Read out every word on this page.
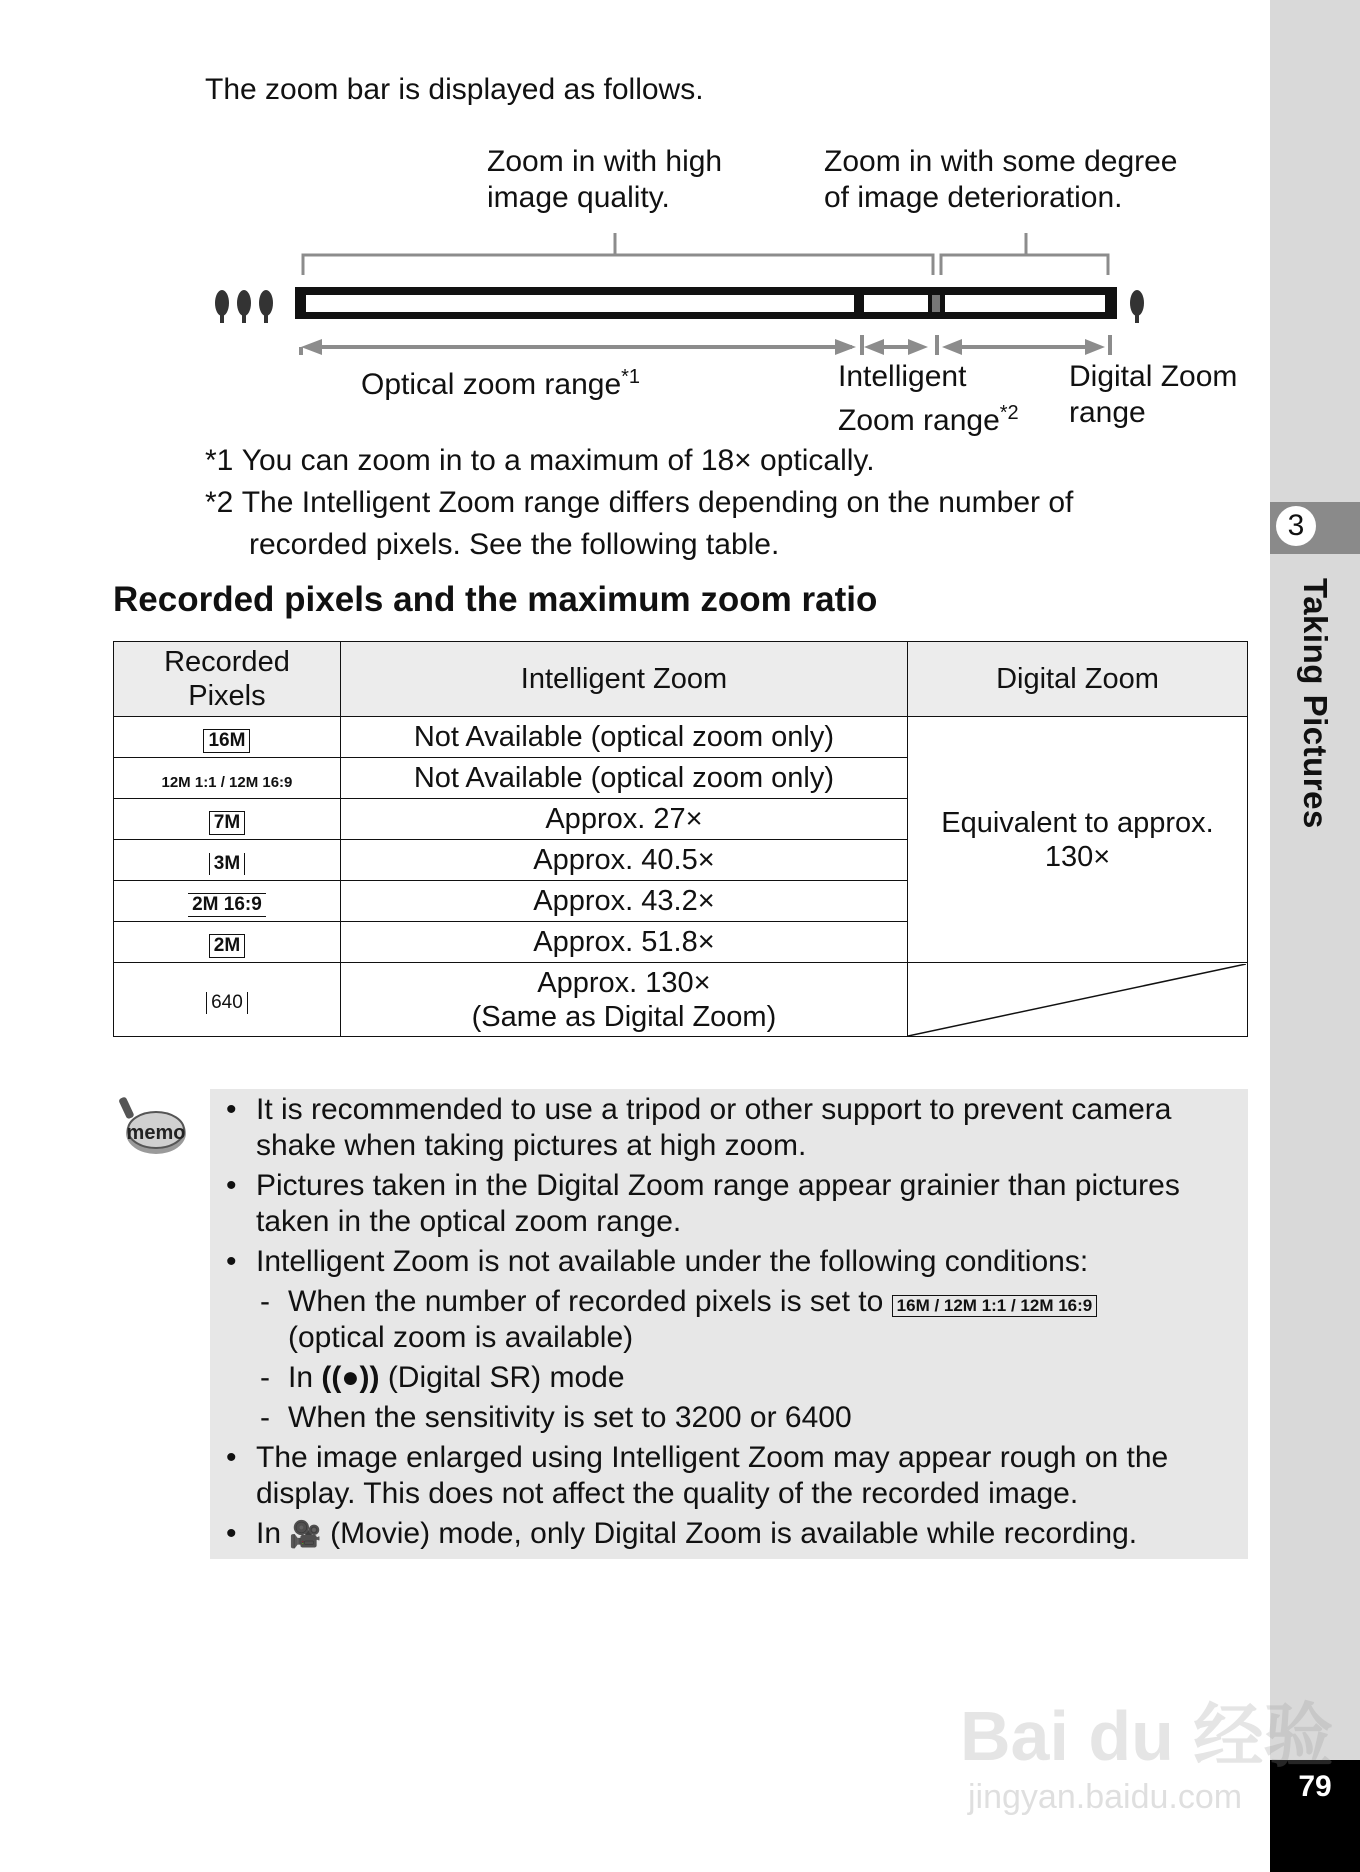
3
Taking Pictures
79
The zoom bar is displayed as follows.
Zoom in with high
image quality.
Zoom in with some degree
of image deterioration.
Optical zoom range$^{*1}$	Intelligent
Zoom range$^{*2}$
Digital Zoom
range
*1 You can zoom in to a maximum of 18× optically.
*2 The Intelligent Zoom range differs depending on the number of
recorded pixels. See the following table.
Recorded pixels and the maximum zoom ratio
Recorded Pixels	Intelligent Zoom	Digital Zoom
16M	Not Available (optical zoom only)	Equivalent to approx.
130×

12M 1:1 / 12M 16:9	Not Available (optical zoom only)	
7M	Approx. 27×	
3M	Approx. 40.5×	
2M 16:9	Approx. 43.2×	
2M	Approx. 51.8×	
640	Approx. 130×
(Same as Digital Zoom)

memo
• It is recommended to use a tripod or other support to prevent camera shake when taking pictures at high zoom.
• Pictures taken in the Digital Zoom range appear grainier than pictures taken in the optical zoom range.
• Intelligent Zoom is not available under the following conditions:
- When the number of recorded pixels is set to 16M / 12M 1:1 / 12M 16:9
(optical zoom is available)
- In ((●)) (Digital SR) mode
- When the sensitivity is set to 3200 or 6400
• The image enlarged using Intelligent Zoom may appear rough on the display. This does not affect the quality of the recorded image.
• In 🎥 (Movie) mode, only Digital Zoom is available while recording.
Bai du 经验
jingyan.baidu.com
